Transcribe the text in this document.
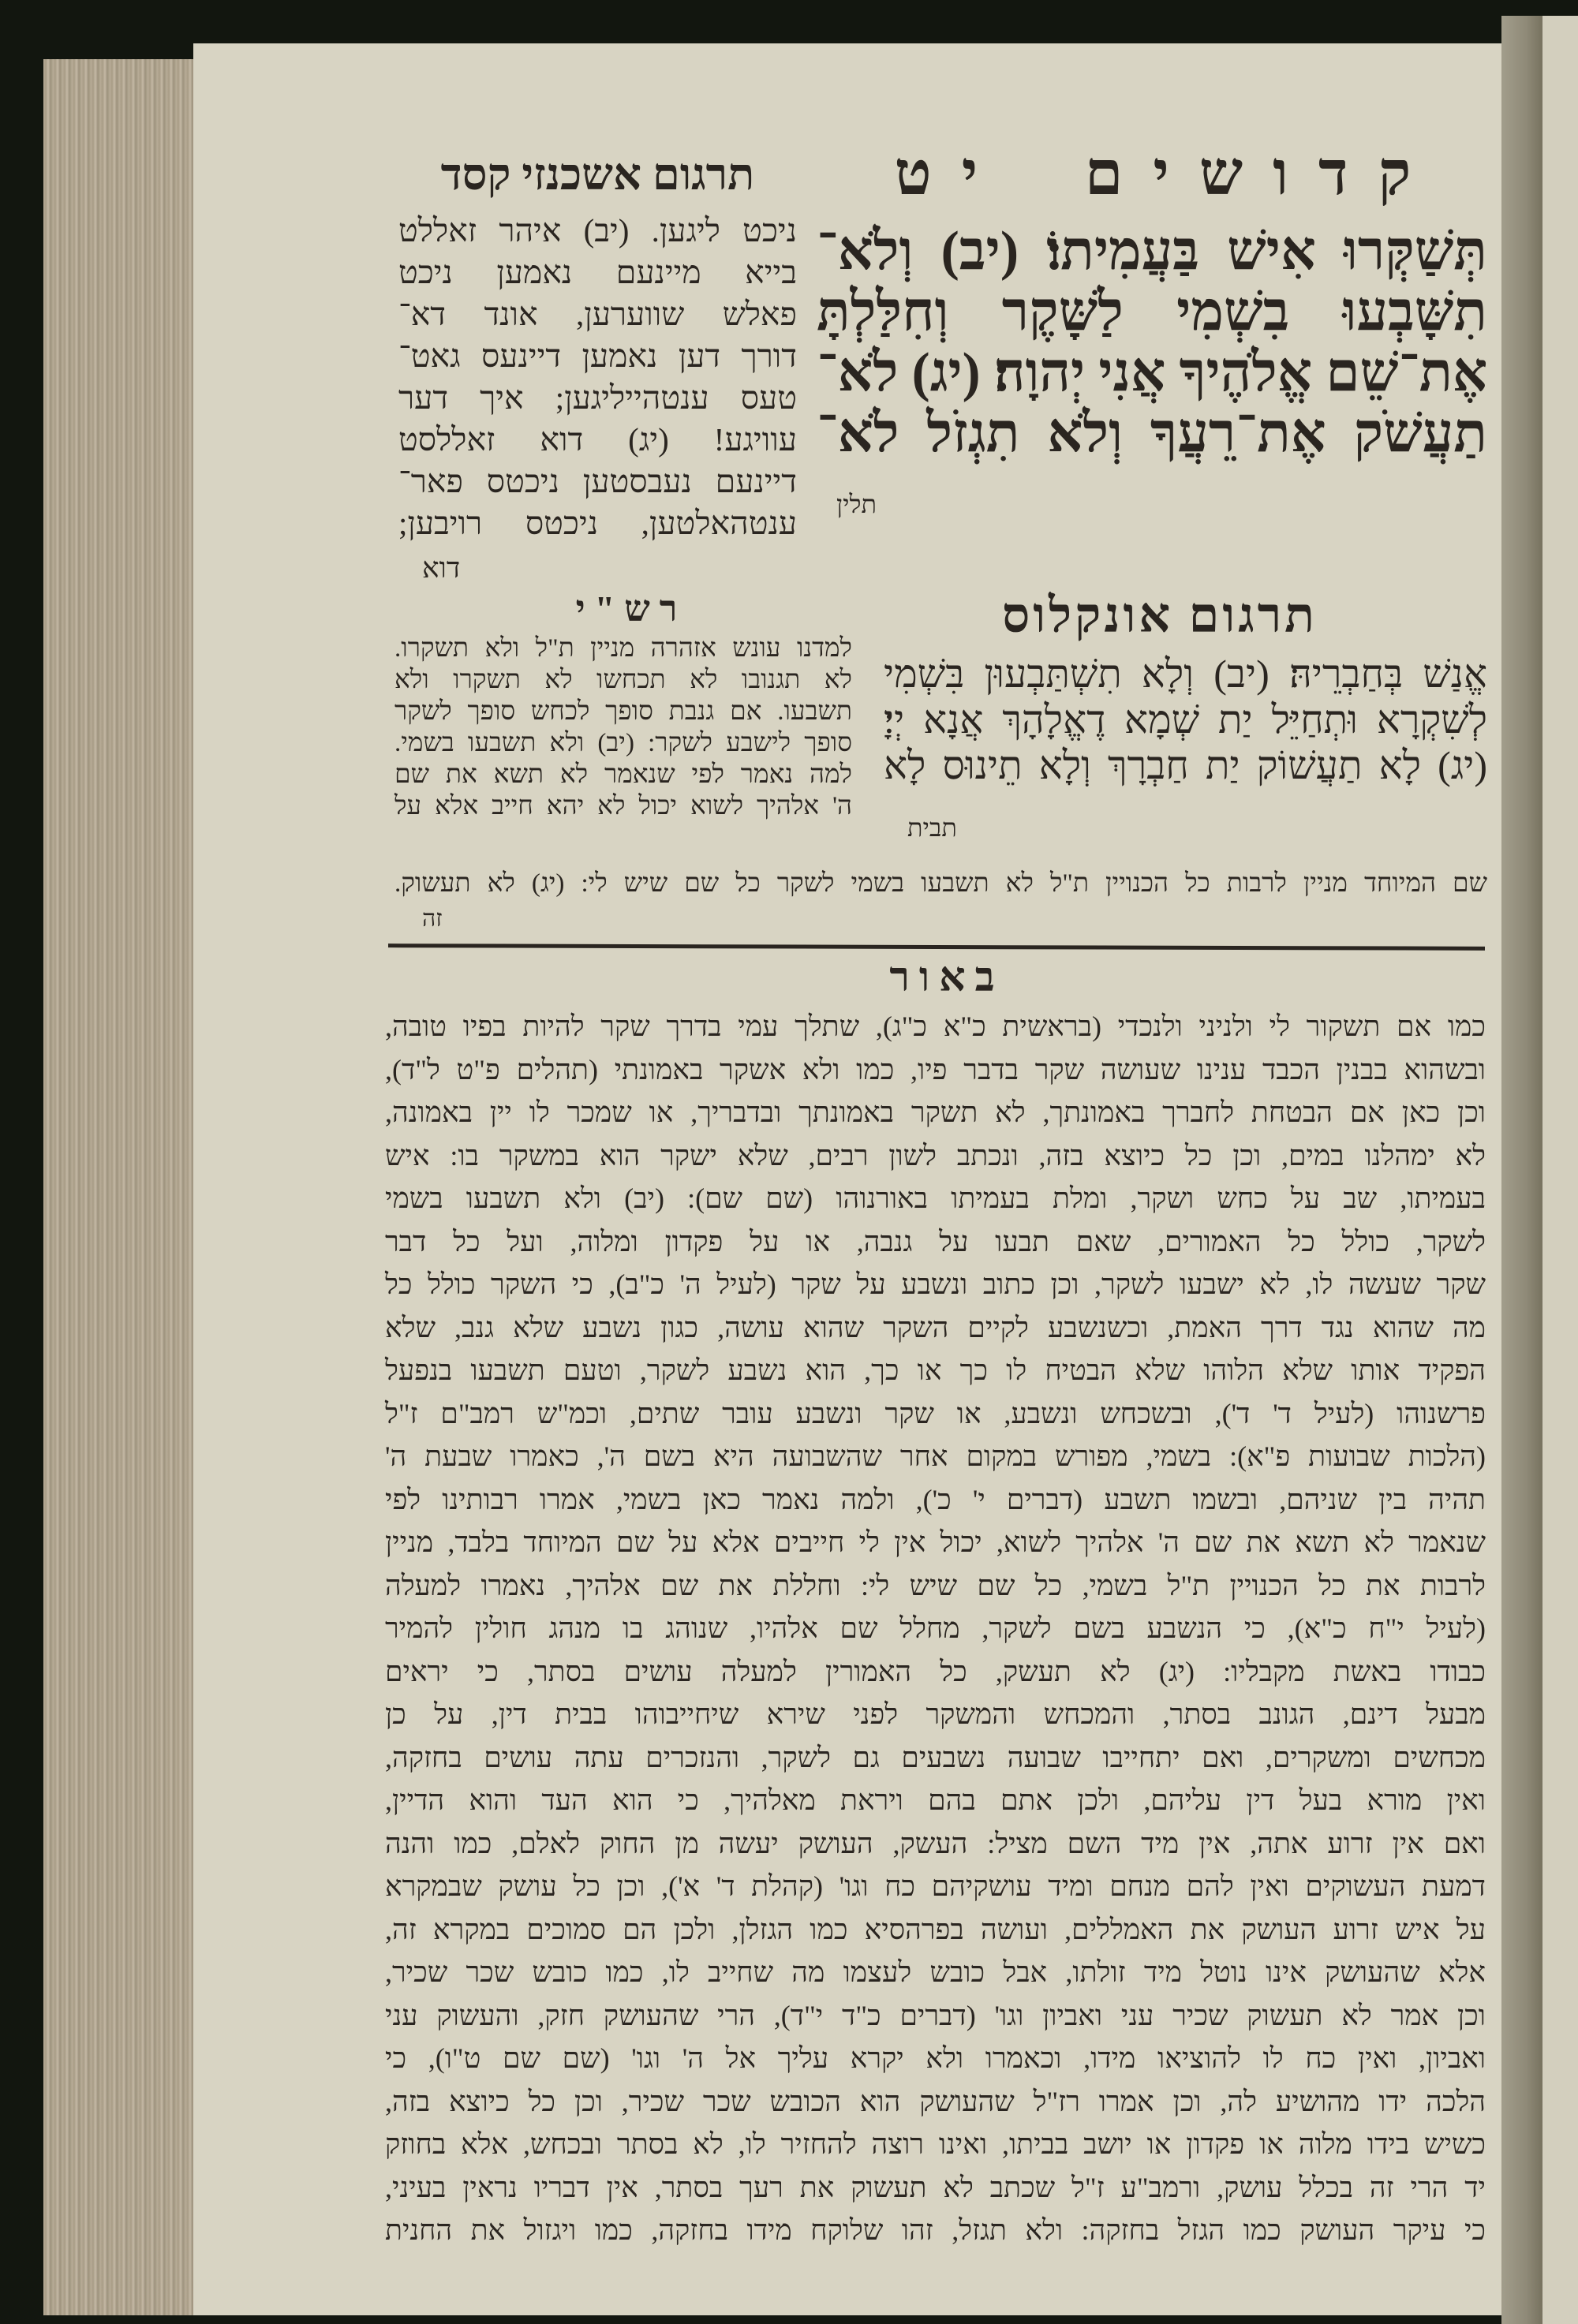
קדושים יט
תְּשַׁקְּרוּ אִישׁ בַּעֲמִיתוֹ׃ (יב) וְלֹא־
תִשָּׁבְעוּ בִשְׁמִי לַשָּׁקֶר וְחִלַּלְתָּ
אֶת־שֵׁם אֱלֹהֶיךָ אֲנִי יְהוָה׃ (יג) לֹא־
תַעֲשֹׁק אֶת־רֵעֲךָ וְלֹא תִגְזֹל לֹא־
תלין
תרגום אשכנזי קסד
ניכט ליגען. (יב) איהר זאללט
בייא מיינעם נאמען ניכט
פאלש שווערען, אונד דא־
דורך דען נאמען דיינעס גאט־
טעס ענטהייליגען; איך דער
עוויגע! (יג) דוא זאללסט
דיינעם נעבסטען ניכטס פאר־
ענטהאלטען, ניכטס רויבען;
דוא
תרגום אונקלוס
אֱנַשׁ בְּחַבְרֵיהּ׃ (יב) וְלָא תִשְׁתַּבְעוּן בִּשְׁמִי
לְשִׁקְרָא וּתְחַיֵּל יַת שְׁמָא דֶאֱלָהָךְ אֲנָא יְיָ׃
(יג) לָא תַעֲשׁוֹק יַת חַבְרָךְ וְלָא תֵינוּס לָא
תבית
רש"י
למדנו עונש אזהרה מניין ת"ל ולא תשקרו.
לא תגנובו לא תכחשו לא תשקרו ולא
תשבעו. אם גנבת סופך לכחש סופך לשקר
סופך לישבע לשקר: (יב) ולא תשבעו בשמי.
למה נאמר לפי שנאמר לא תשא את שם
ה' אלהיך לשוא יכול לא יהא חייב אלא על
שם המיוחד מניין לרבות כל הכנויין ת"ל לא תשבעו בשמי לשקר כל שם שיש לי: (יג) לא תעשוק.
זה
באור
כמו אם תשקור לי ולניני ולנכדי (בראשית כ"א כ"ג), שתלך עמי בדרך שקר להיות בפיו טובה,
ובשהוא בבנין הכבד ענינו שעושה שקר בדבר פיו, כמו ולא אשקר באמונתי (תהלים פ"ט ל"ד),
וכן כאן אם הבטחת לחברך באמונתך, לא תשקר באמונתך ובדבריך, או שמכר לו יין באמונה,
לא ימהלנו במים, וכן כל כיוצא בזה, ונכתב לשון רבים, שלא ישקר הוא במשקר בו: איש
בעמיתו, שב על כחש ושקר, ומלת בעמיתו באורנוהו (שם שם): (יב) ולא תשבעו בשמי
לשקר, כולל כל האמורים, שאם תבעו על גנבה, או על פקדון ומלוה, ועל כל דבר
שקר שעשה לו, לא ישבעו לשקר, וכן כתוב ונשבע על שקר (לעיל ה' כ"ב), כי השקר כולל כל
מה שהוא נגד דרך האמת, וכשנשבע לקיים השקר שהוא עושה, כגון נשבע שלא גנב, שלא
הפקיד אותו שלא הלוהו שלא הבטיח לו כך או כך, הוא נשבע לשקר, וטעם תשבעו בנפעל
פרשנוהו (לעיל ד' ד'), ובשכחש ונשבע, או שקר ונשבע עובר שתים, וכמ"ש רמב"ם ז"ל
(הלכות שבועות פ"א): בשמי, מפורש במקום אחר שהשבועה היא בשם ה', כאמרו שבעת ה'
תהיה בין שניהם, ובשמו תשבע (דברים י' כ'), ולמה נאמר כאן בשמי, אמרו רבותינו לפי
שנאמר לא תשא את שם ה' אלהיך לשוא, יכול אין לי חייבים אלא על שם המיוחד בלבד, מניין
לרבות את כל הכנויין ת"ל בשמי, כל שם שיש לי: וחללת את שם אלהיך, נאמרו למעלה
(לעיל י"ח כ"א), כי הנשבע בשם לשקר, מחלל שם אלהיו, שנוהג בו מנהג חולין להמיר
כבודו באשת מקבליו: (יג) לא תעשק, כל האמורין למעלה עושים בסתר, כי יראים
מבעל דינם, הגונב בסתר, והמכחש והמשקר לפני שירא שיחייבוהו בבית דין, על כן
מכחשים ומשקרים, ואם יתחייבו שבועה נשבעים גם לשקר, והנזכרים עתה עושים בחזקה,
ואין מורא בעל דין עליהם, ולכן אתם בהם ויראת מאלהיך, כי הוא העד והוא הדיין,
ואם אין זרוע אתה, אין מיד השם מציל: העשק, העושק יעשה מן החוק לאלם, כמו והנה
דמעת העשוקים ואין להם מנחם ומיד עושקיהם כח וגו' (קהלת ד' א'), וכן כל עושק שבמקרא
על איש זרוע העושק את האמללים, ועושה בפרהסיא כמו הגזלן, ולכן הם סמוכים במקרא זה,
אלא שהעושק אינו נוטל מיד זולתו, אבל כובש לעצמו מה שחייב לו, כמו כובש שכר שכיר,
וכן אמר לא תעשוק שכיר עני ואביון וגו' (דברים כ"ד י"ד), הרי שהעושק חזק, והעשוק עני
ואביון, ואין כח לו להוציאו מידו, וכאמרו ולא יקרא עליך אל ה' וגו' (שם שם ט"ו), כי
הלכה ידו מהושיע לה, וכן אמרו רז"ל שהעושק הוא הכובש שכר שכיר, וכן כל כיוצא בזה,
כשיש בידו מלוה או פקדון או יושב בביתו, ואינו רוצה להחזיר לו, לא בסתר ובכחש, אלא בחוזק
יד הרי זה בכלל עושק, ורמב"ע ז"ל שכתב לא תעשוק את רעך בסתר, אין דבריו נראין בעיני,
כי עיקר העושק כמו הגזל בחזקה: ולא תגזל, זהו שלוקח מידו בחזקה, כמו ויגזול את החנית
